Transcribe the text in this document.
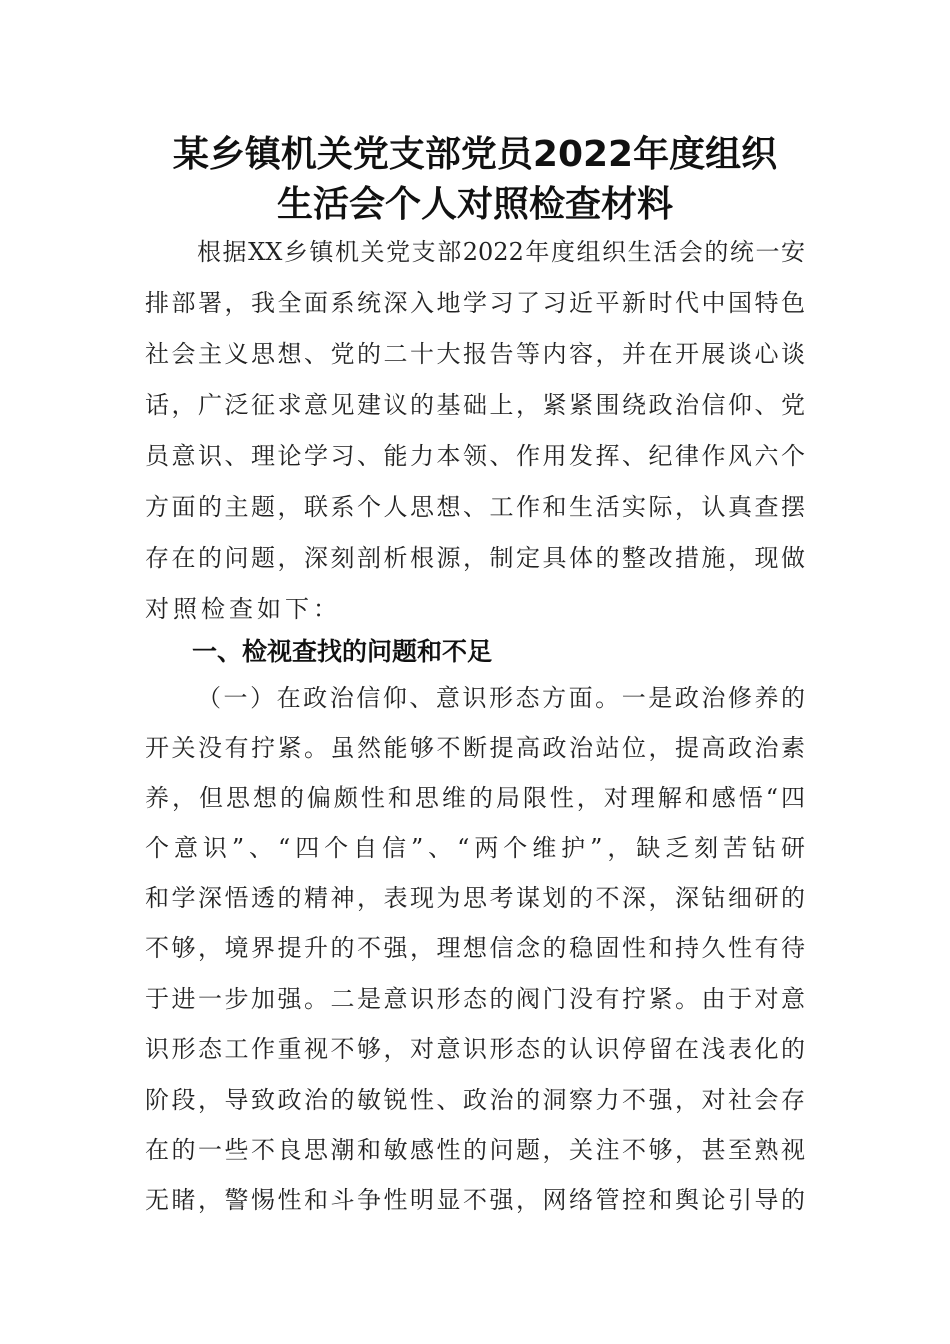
某乡镇机关党支部党员2022年度组织
生活会个人对照检查材料
根据XX乡镇机关党支部2022年度组织生活会的统一安
排部署，我全面系统深入地学习了习近平新时代中国特色
社会主义思想、党的二十大报告等内容，并在开展谈心谈
话，广泛征求意见建议的基础上，紧紧围绕政治信仰、党
员意识、理论学习、能力本领、作用发挥、纪律作风六个
方面的主题，联系个人思想、工作和生活实际，认真查摆
存在的问题，深刻剖析根源，制定具体的整改措施，现做
对照检查如下：
一、检视查找的问题和不足
（一）在政治信仰、意识形态方面。一是政治修养的
开关没有拧紧。虽然能够不断提高政治站位，提高政治素
养，但思想的偏颇性和思维的局限性，对理解和感悟“四
个意识”、“四个自信”、“两个维护”，缺乏刻苦钻研
和学深悟透的精神，表现为思考谋划的不深，深钻细研的
不够，境界提升的不强，理想信念的稳固性和持久性有待
于进一步加强。二是意识形态的阀门没有拧紧。由于对意
识形态工作重视不够，对意识形态的认识停留在浅表化的
阶段，导致政治的敏锐性、政治的洞察力不强，对社会存
在的一些不良思潮和敏感性的问题，关注不够，甚至熟视
无睹，警惕性和斗争性明显不强，网络管控和舆论引导的
